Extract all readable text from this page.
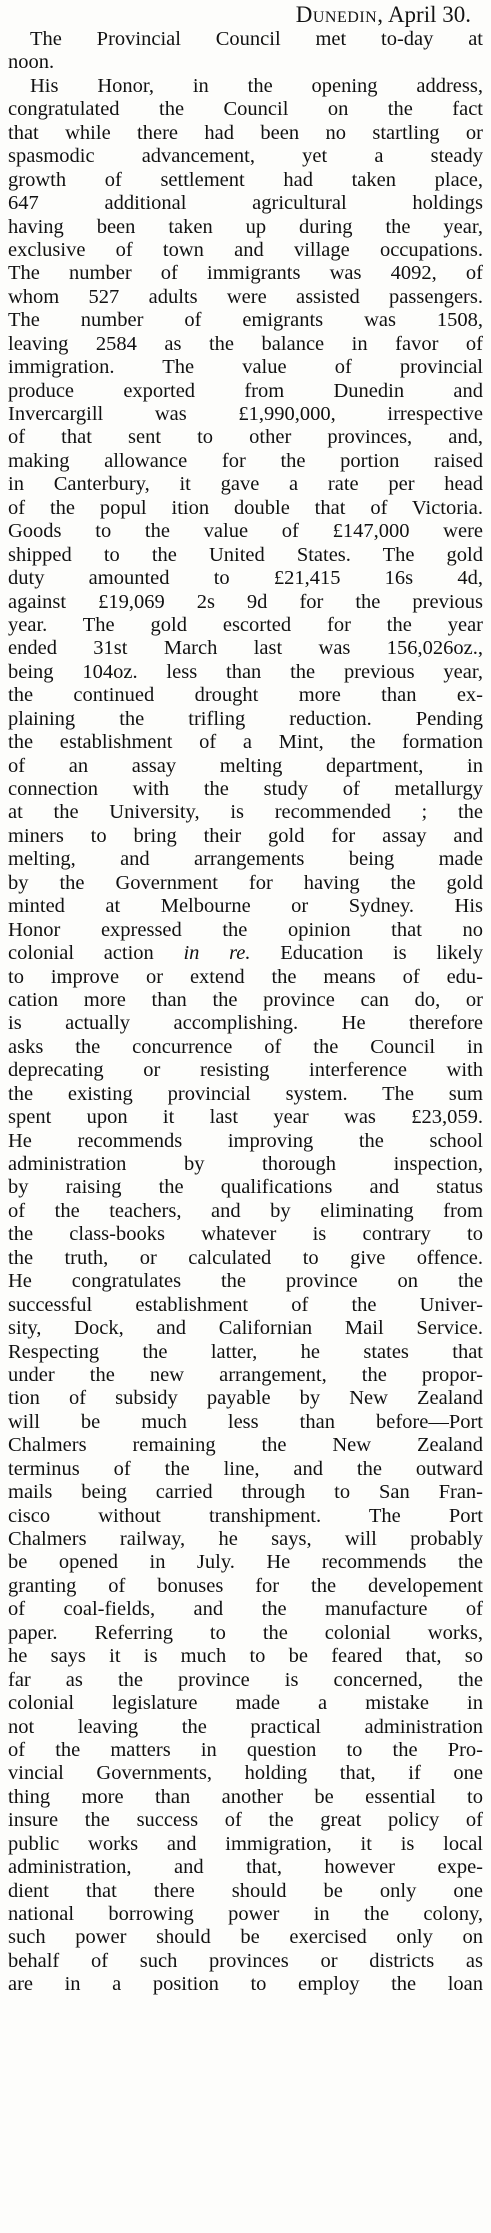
Dunedin, April 30.
The Provincial Council met to-day at
noon.
His Honor, in the opening address,
congratulated the Council on the fact
that while there had been no startling or
spasmodic advancement, yet a steady
growth of settlement had taken place,
647 additional agricultural holdings
having been taken up during the year,
exclusive of town and village occupations.
The number of immigrants was 4092, of
whom 527 adults were assisted passengers.
The number of emigrants was 1508,
leaving 2584 as the balance in favor of
immigration. The value of provincial
produce exported from Dunedin and
Invercargill was £1,990,000, irrespective
of that sent to other provinces, and,
making allowance for the portion raised
in Canterbury, it gave a rate per head
of the popul ition double that of Victoria.
Goods to the value of £147,000 were
shipped to the United States. The gold
duty amounted to £21,415 16s 4d,
against £19,069 2s 9d for the previous
year. The gold escorted for the year
ended 31st March last was 156,026oz.,
being 104oz. less than the previous year,
the continued drought more than ex-
plaining the trifling reduction. Pending
the establishment of a Mint, the formation
of an assay melting department, in
connection with the study of metallurgy
at the University, is recommended ; the
miners to bring their gold for assay and
melting, and arrangements being made
by the Government for having the gold
minted at Melbourne or Sydney. His
Honor expressed the opinion that no
colonial action in re. Education is likely
to improve or extend the means of edu-
cation more than the province can do, or
is actually accomplishing. He therefore
asks the concurrence of the Council in
deprecating or resisting interference with
the existing provincial system. The sum
spent upon it last year was £23,059.
He recommends improving the school
administration by thorough inspection,
by raising the qualifications and status
of the teachers, and by eliminating from
the class-books whatever is contrary to
the truth, or calculated to give offence.
He congratulates the province on the
successful establishment of the Univer-
sity, Dock, and Californian Mail Service.
Respecting the latter, he states that
under the new arrangement, the propor-
tion of subsidy payable by New Zealand
will be much less than before—Port
Chalmers remaining the New Zealand
terminus of the line, and the outward
mails being carried through to San Fran-
cisco without transhipment. The Port
Chalmers railway, he says, will probably
be opened in July. He recommends the
granting of bonuses for the developement
of coal-fields, and the manufacture of
paper. Referring to the colonial works,
he says it is much to be feared that, so
far as the province is concerned, the
colonial legislature made a mistake in
not leaving the practical administration
of the matters in question to the Pro-
vincial Governments, holding that, if one
thing more than another be essential to
insure the success of the great policy of
public works and immigration, it is local
administration, and that, however expe-
dient that there should be only one
national borrowing power in the colony,
such power should be exercised only on
behalf of such provinces or districts as
are in a position to employ the loan
